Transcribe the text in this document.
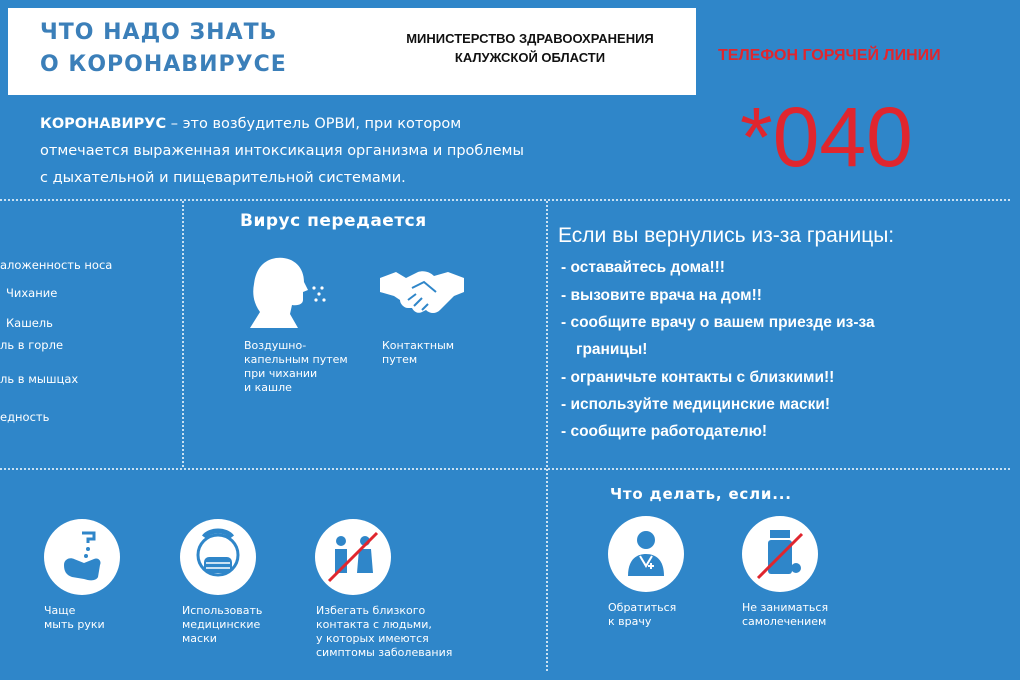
ЧТО НАДО ЗНАТЬ
О КОРОНАВИРУСЕ
МИНИСТЕРСТВО ЗДРАВООХРАНЕНИЯ
КАЛУЖСКОЙ ОБЛАСТИ	ТЕЛЕФОН ГОРЯЧЕЙ ЛИНИИ
*040
КОРОНАВИРУС – это возбудитель ОРВИ, при котором
отмечается выраженная интоксикация организма и проблемы
с дыхательной и пищеварительной системами.
аложенность носа
Чихание
Кашель
ль в горле
ль в мышцах
едность
Вирус передается
Воздушно-
капельным путем
при чихании
и кашле
Контактным
путем
Если вы вернулись из-за границы:
- оставайтесь дома!!!
- вызовите врача на дом!!
- сообщите врачу о вашем приезде из-за
границы!
- ограничьте контакты с близкими!!
- используйте медицинские маски!
- сообщите работодателю!
Чаще
мыть руки
Использовать
медицинские
маски
Избегать близкого
контакта с людьми,
у которых имеются
симптомы заболевания
Что делать, если...
Обратиться
к врачу
Не заниматься
самолечением
